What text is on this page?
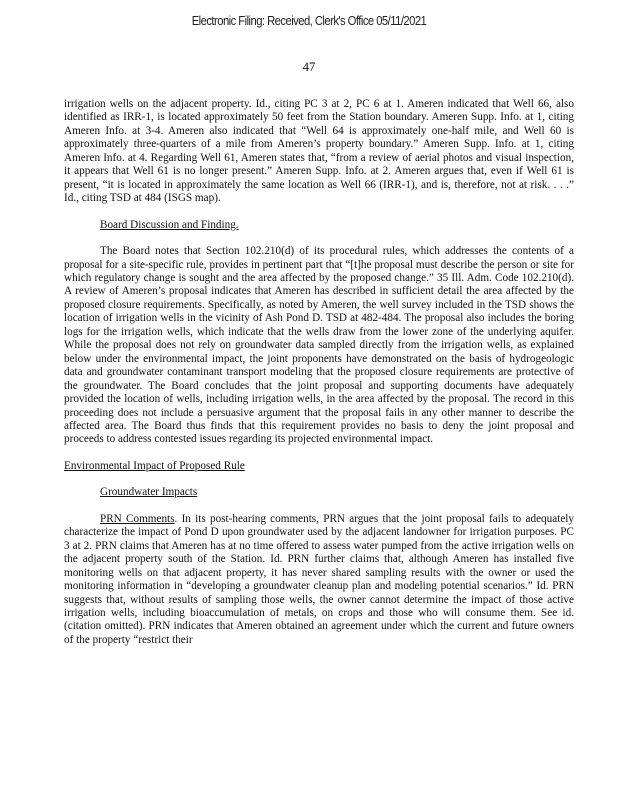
Electronic Filing: Received, Clerk's Office 05/11/2021
47

irrigation wells on the adjacent property. Id., citing PC 3 at 2, PC 6 at 1. Ameren indicated that Well 66, also identified as IRR-1, is located approximately 50 feet from the Station boundary. Ameren Supp. Info. at 1, citing Ameren Info. at 3-4. Ameren also indicated that “Well 64 is approximately one-half mile, and Well 60 is approximately three-quarters of a mile from Ameren’s property boundary.” Ameren Supp. Info. at 1, citing Ameren Info. at 4. Regarding Well 61, Ameren states that, “from a review of aerial photos and visual inspection, it appears that Well 61 is no longer present.” Ameren Supp. Info. at 2. Ameren argues that, even if Well 61 is present, “it is located in approximately the same location as Well 66 (IRR-1), and is, therefore, not at risk. . . .” Id., citing TSD at 484 (ISGS map).

Board Discussion and Finding.

The Board notes that Section 102.210(d) of its procedural rules, which addresses the contents of a proposal for a site-specific rule, provides in pertinent part that “[t]he proposal must describe the person or site for which regulatory change is sought and the area affected by the proposed change.” 35 Ill. Adm. Code 102.210(d). A review of Ameren’s proposal indicates that Ameren has described in sufficient detail the area affected by the proposed closure requirements. Specifically, as noted by Ameren, the well survey included in the TSD shows the location of irrigation wells in the vicinity of Ash Pond D. TSD at 482-484. The proposal also includes the boring logs for the irrigation wells, which indicate that the wells draw from the lower zone of the underlying aquifer. While the proposal does not rely on groundwater data sampled directly from the irrigation wells, as explained below under the environmental impact, the joint proponents have demonstrated on the basis of hydrogeologic data and groundwater contaminant transport modeling that the proposed closure requirements are protective of the groundwater. The Board concludes that the joint proposal and supporting documents have adequately provided the location of wells, including irrigation wells, in the area affected by the proposal. The record in this proceeding does not include a persuasive argument that the proposal fails in any other manner to describe the affected area. The Board thus finds that this requirement provides no basis to deny the joint proposal and proceeds to address contested issues regarding its projected environmental impact.

Environmental Impact of Proposed Rule

Groundwater Impacts

PRN Comments. In its post-hearing comments, PRN argues that the joint proposal fails to adequately characterize the impact of Pond D upon groundwater used by the adjacent landowner for irrigation purposes. PC 3 at 2. PRN claims that Ameren has at no time offered to assess water pumped from the active irrigation wells on the adjacent property south of the Station. Id. PRN further claims that, although Ameren has installed five monitoring wells on that adjacent property, it has never shared sampling results with the owner or used the monitoring information in “developing a groundwater cleanup plan and modeling potential scenarios.” Id. PRN suggests that, without results of sampling those wells, the owner cannot determine the impact of those active irrigation wells, including bioaccumulation of metals, on crops and those who will consume them. See id. (citation omitted). PRN indicates that Ameren obtained an agreement under which the current and future owners of the property “restrict their
